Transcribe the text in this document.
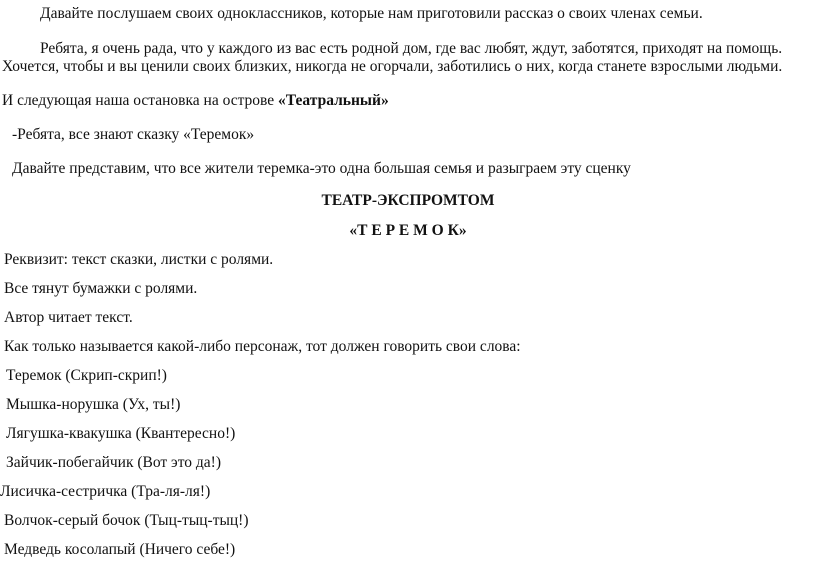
Давайте послушаем своих одноклассников, которые нам приготовили рассказ о своих членах семьи.
Ребята, я очень рада, что у каждого из вас есть родной дом, где вас любят, ждут, заботятся, приходят на помощь.
Хочется, чтобы и вы ценили своих близких, никогда не огорчали, заботились о них, когда станете взрослыми людьми.
И следующая наша остановка на острове «Театральный»
-Ребята, все знают сказку «Теремок»
Давайте представим, что все жители теремка-это одна большая семья и разыграем эту сценку
ТЕАТР-ЭКСПРОМТОМ
«Т Е Р Е М О К»
Реквизит: текст сказки, листки с ролями.
Все тянут бумажки с ролями.
Автор читает текст.
Как только называется какой-либо персонаж, тот должен говорить свои слова:
Теремок (Скрип-скрип!)
Мышка-норушка (Ух, ты!)
Лягушка-квакушка (Квантересно!)
Зайчик-побегайчик (Вот это да!)
Лисичка-сестричка (Тра-ля-ля!)
Волчок-серый бочок (Тыц-тыц-тыц!)
Медведь косолапый (Ничего себе!)
